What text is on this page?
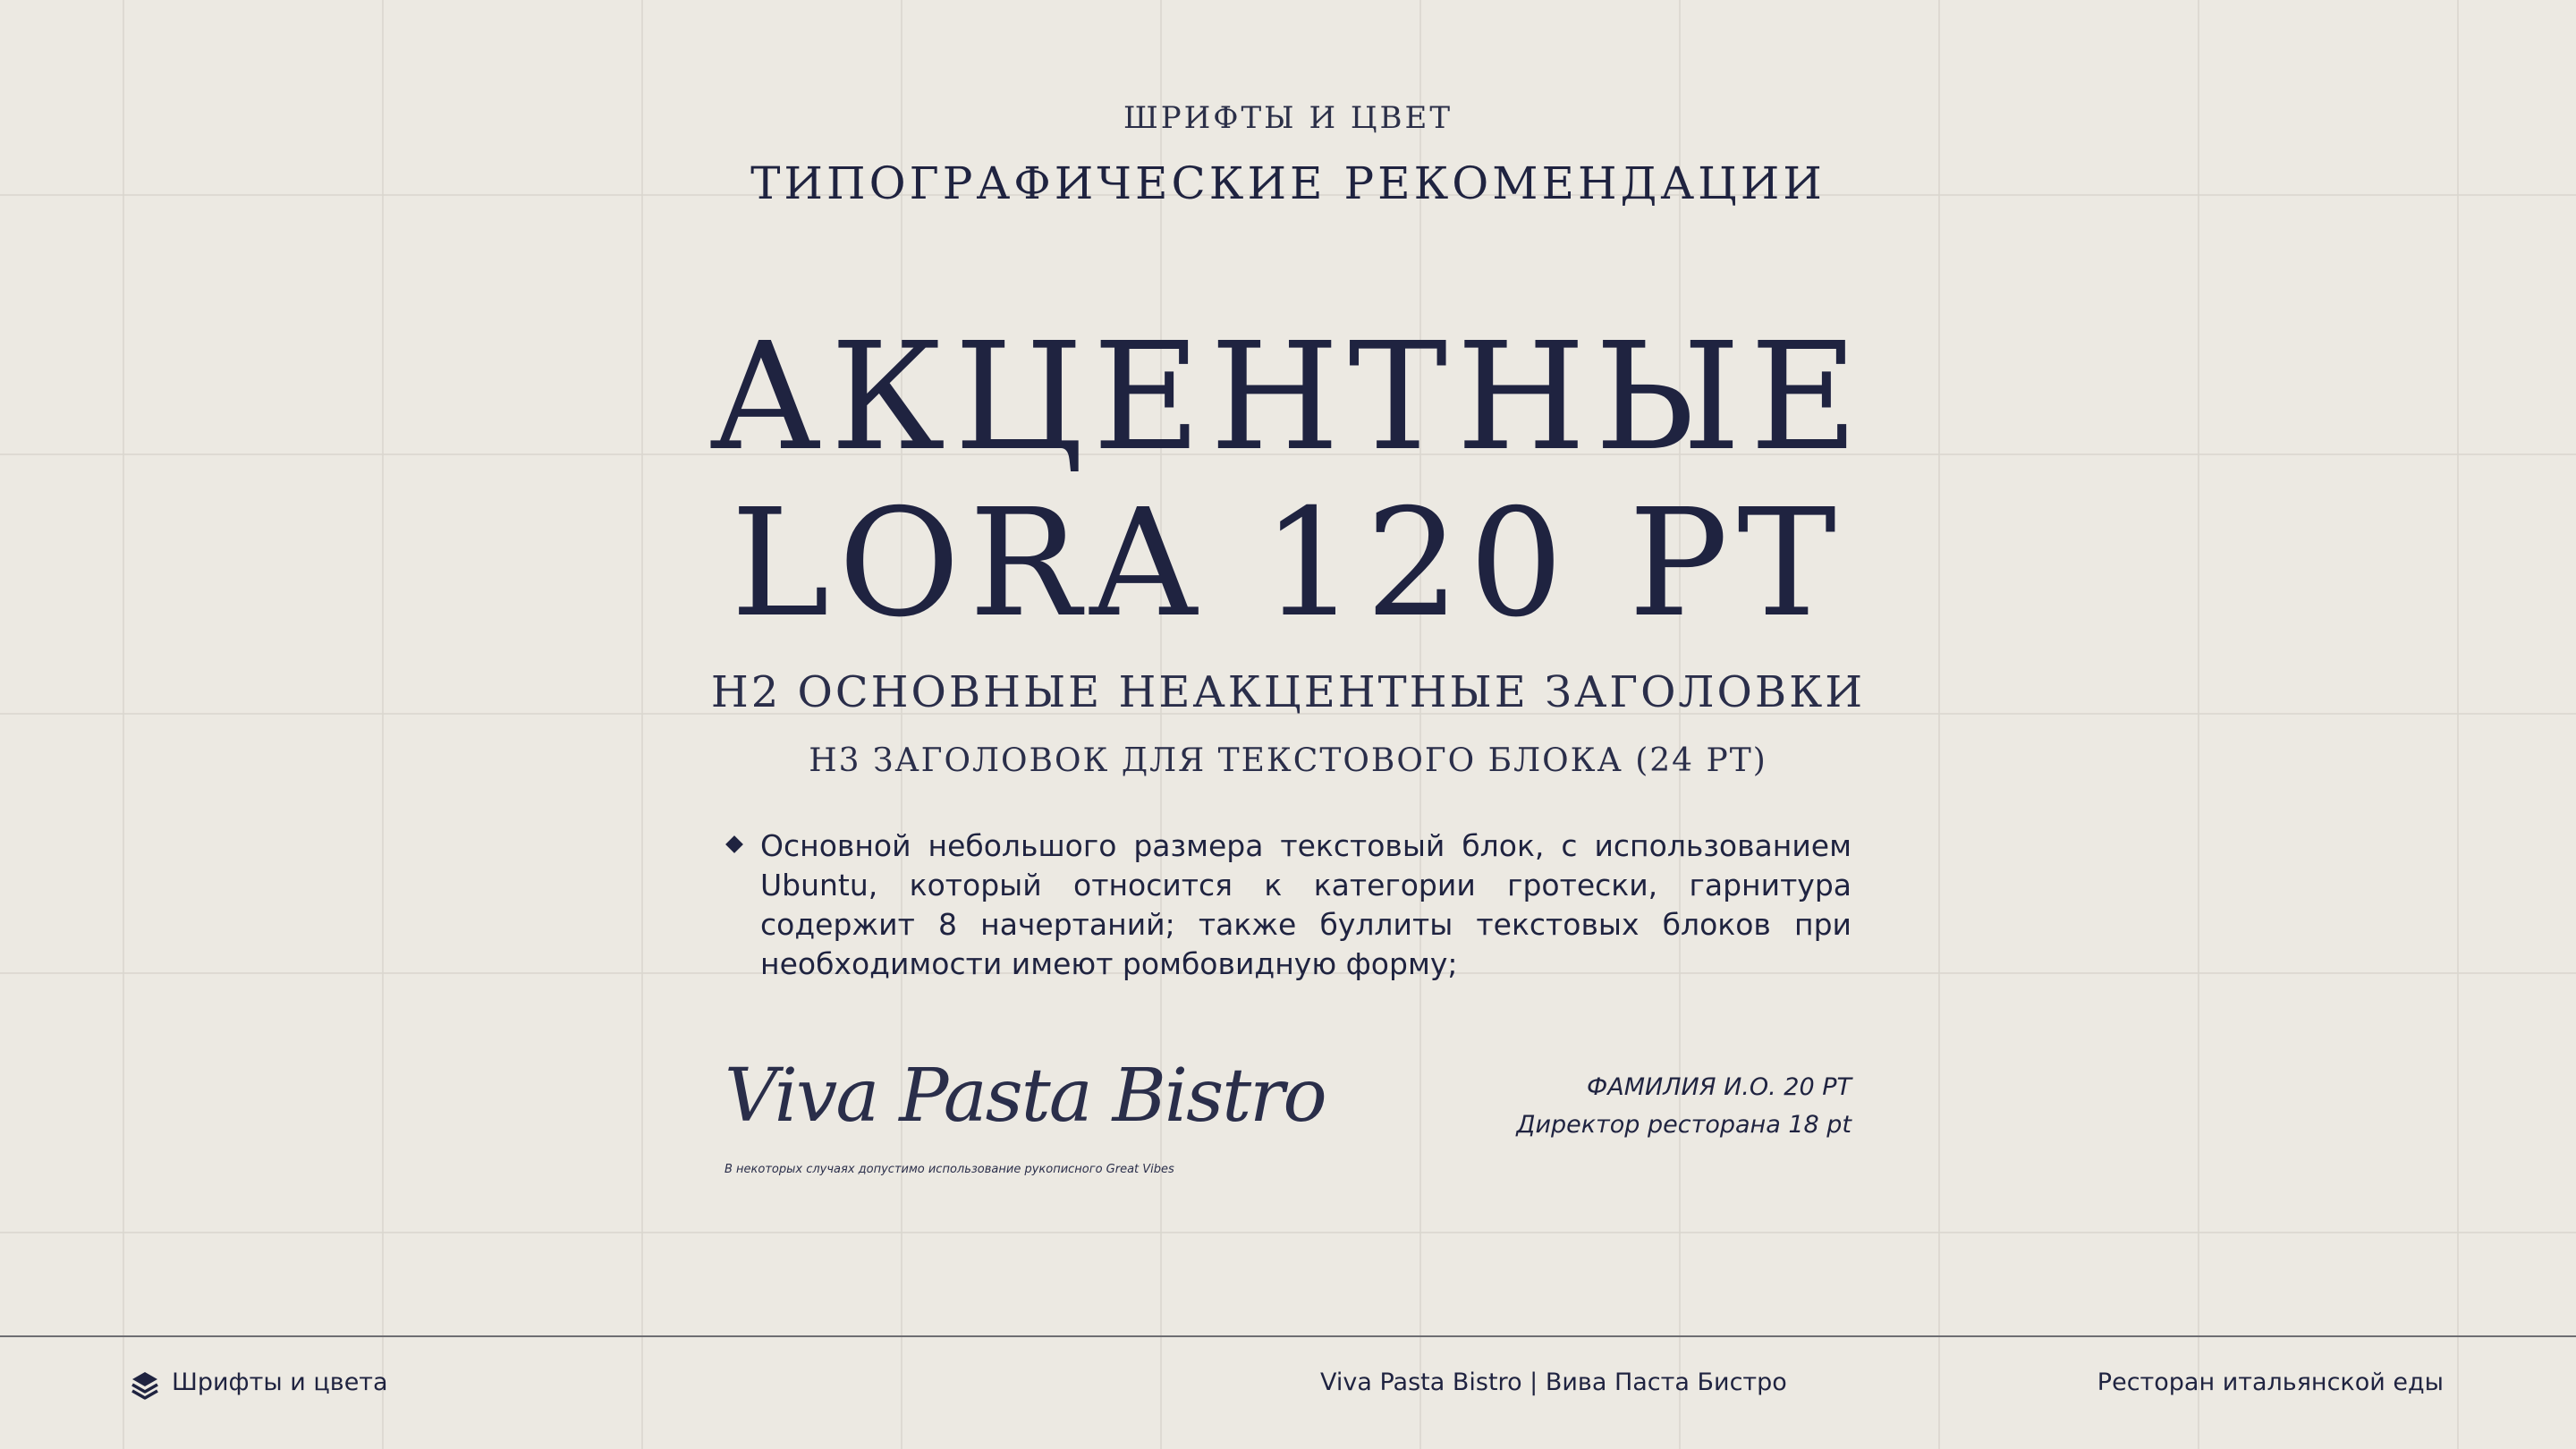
ШРИФТЫ И ЦВЕТ
ТИПОГРАФИЧЕСКИЕ РЕКОМЕНДАЦИИ
АКЦЕНТНЫЕ
LORA 120 PT
H2 ОСНОВНЫЕ НЕАКЦЕНТНЫЕ ЗАГОЛОВКИ
H3 ЗАГОЛОВОК ДЛЯ ТЕКСТОВОГО БЛОКА (24 PT)
Основной небольшого размера текстовый блок, с использованием Ubuntu, который относится к категории гротески, гарнитура содержит 8 начертаний; также буллиты текстовых блоков при необходимости имеют ромбовидную форму;
Viva Pasta Bistro
В некоторых случаях допустимо использование рукописного Great Vibes
ФАМИЛИЯ И.О. 20 PT
Директор ресторана 18 pt
Шрифты и цвета	Viva Pasta Bistro | Вива Паста Бистро	Ресторан итальянской еды
